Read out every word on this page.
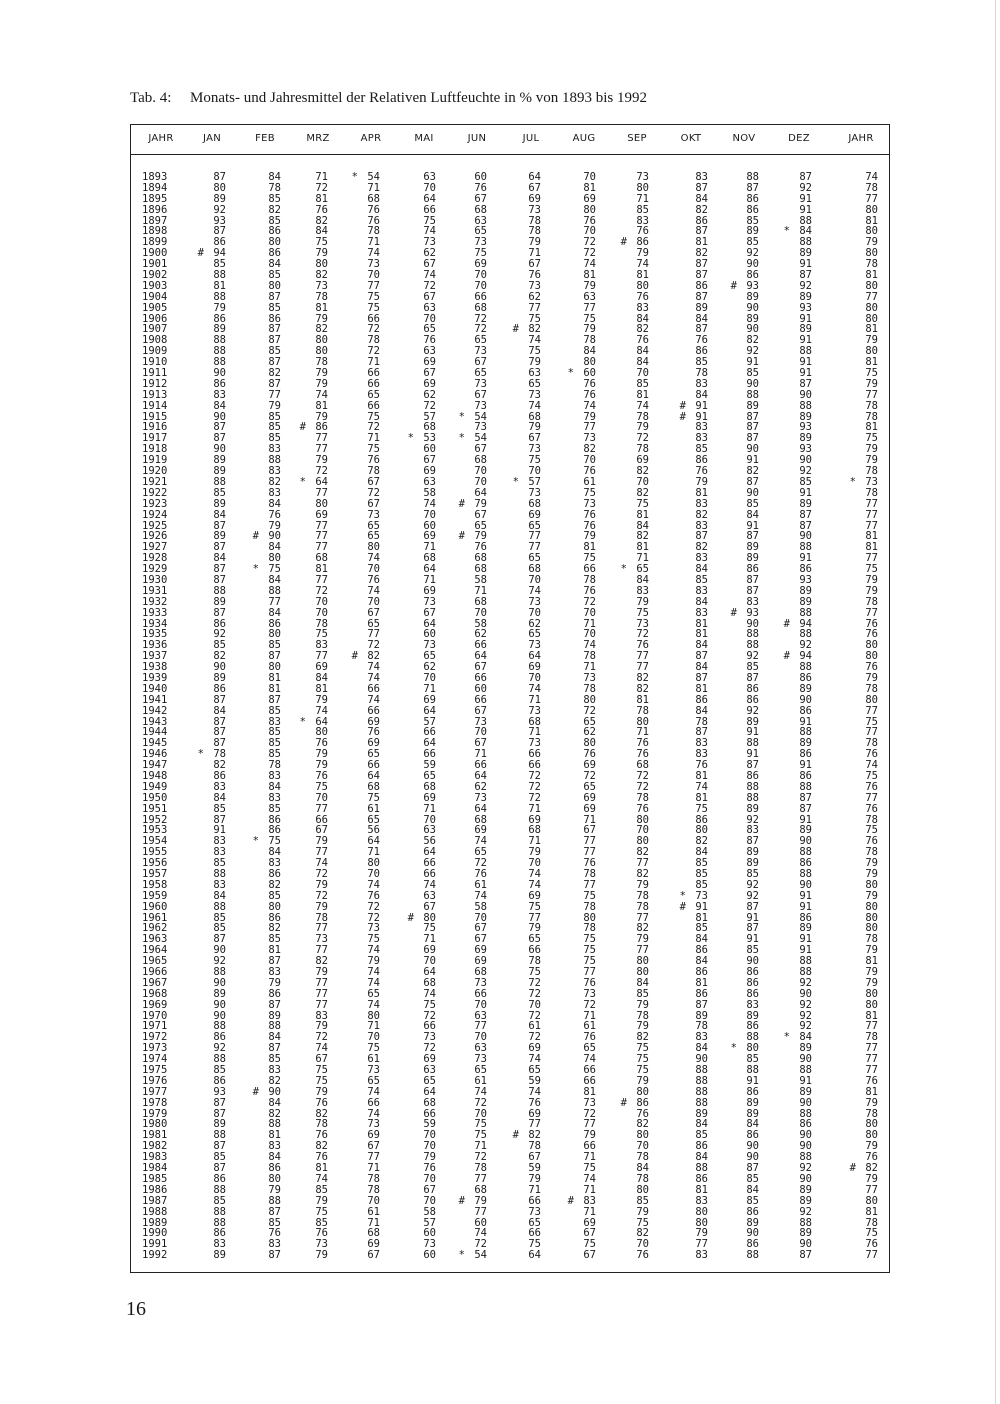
Tab. 4: Monats- und Jahresmittel der Relativen Luftfeuchte in % von 1893 bis 1992
JAHR	JAN	FEB	MRZ	APR	MAI	JUN	JUL	AUG	SEP	OKT	NOV	DEZ	JAHR
1893	87	84	71	* 54	63	60	64	70	73	83	88	87	74
1894	80	78	72	71	70	76	67	81	80	87	87	92	78
1895	89	85	81	68	64	67	69	69	71	84	86	91	77
1896	92	82	76	76	66	68	73	80	85	82	86	91	80
1897	93	85	82	76	75	63	78	76	83	86	85	88	81
1898	87	86	84	78	74	65	78	70	76	87	89	* 84	80
1899	86	80	75	71	73	73	79	72	# 86	81	85	88	79
1900	# 94	86	79	74	62	75	71	72	79	82	92	89	80
1901	85	84	80	73	67	69	67	74	74	87	90	91	78
1902	88	85	82	70	74	70	76	81	81	87	86	87	81
1903	81	80	73	77	72	70	73	79	80	86	# 93	92	80
1904	88	87	78	75	67	66	62	63	76	87	89	89	77
1905	79	85	81	75	63	68	77	77	83	89	90	93	80
1906	86	86	79	66	70	72	75	75	84	84	89	91	80
1907	89	87	82	72	65	72	# 82	79	82	87	90	89	81
1908	88	87	80	78	76	65	74	78	76	76	82	91	79
1909	88	85	80	72	63	73	75	84	84	86	92	88	80
1910	88	87	78	71	69	67	79	80	84	85	91	91	81
1911	90	82	79	66	67	65	63	* 60	70	78	85	91	75
1912	86	87	79	66	69	73	65	76	85	83	90	87	79
1913	83	77	74	65	62	67	73	76	81	84	88	90	77
1914	84	79	81	66	72	73	74	74	74	# 91	89	88	78
1915	90	85	79	75	57	* 54	68	79	78	# 91	87	89	78
1916	87	85	# 86	72	68	73	79	77	79	83	87	93	81
1917	87	85	77	71	* 53	* 54	67	73	72	83	87	89	75
1918	90	83	77	75	60	67	73	82	78	85	90	93	79
1919	89	88	79	76	67	68	75	70	69	86	91	90	79
1920	89	83	72	78	69	70	70	76	82	76	82	92	78
1921	88	82	* 64	67	63	70	* 57	61	70	79	87	85	* 73
1922	85	83	77	72	58	64	73	75	82	81	90	91	78
1923	89	84	80	67	74	# 79	68	73	75	83	85	89	77
1924	84	76	69	73	70	67	69	76	81	82	84	87	77
1925	87	79	77	65	60	65	65	76	84	83	91	87	77
1926	89	# 90	77	65	69	# 79	77	79	82	87	87	90	81
1927	87	84	77	80	71	76	77	81	81	82	89	88	81
1928	84	80	68	74	68	68	65	75	71	83	89	91	77
1929	87	* 75	81	70	64	68	68	66	* 65	84	86	86	75
1930	87	84	77	76	71	58	70	78	84	85	87	93	79
1931	88	88	72	74	69	71	74	76	83	83	87	89	79
1932	89	77	70	70	73	68	73	72	79	84	83	89	78
1933	87	84	70	67	67	70	70	70	75	83	# 93	88	77
1934	86	86	78	65	64	58	62	71	73	81	90	# 94	76
1935	92	80	75	77	60	62	65	70	72	81	88	88	76
1936	85	85	83	72	73	66	73	74	76	84	88	92	80
1937	82	87	77	# 82	65	64	64	78	77	87	92	# 94	80
1938	90	80	69	74	62	67	69	71	77	84	85	88	76
1939	89	81	84	74	70	66	70	73	82	87	87	86	79
1940	86	81	81	66	71	60	74	78	82	81	86	89	78
1941	87	87	79	74	69	66	71	80	81	86	86	90	80
1942	84	85	74	66	64	67	73	72	78	84	92	86	77
1943	87	83	* 64	69	57	73	68	65	80	78	89	91	75
1944	87	85	80	76	66	70	71	62	71	87	91	88	77
1945	87	85	76	69	64	67	73	80	76	83	88	89	78
1946	* 78	85	79	65	66	71	66	76	76	83	91	86	76
1947	82	78	79	66	59	66	66	69	68	76	87	91	74
1948	86	83	76	64	65	64	72	72	72	81	86	86	75
1949	83	84	75	68	68	62	72	65	72	74	88	88	76
1950	84	83	70	75	69	73	72	69	78	81	88	87	77
1951	85	85	77	61	71	64	71	69	76	75	89	87	76
1952	87	86	66	65	70	68	69	71	80	86	92	91	78
1953	91	86	67	56	63	69	68	67	70	80	83	89	75
1954	83	* 75	79	64	56	74	71	77	80	82	87	90	76
1955	83	84	77	71	64	65	79	77	82	84	89	88	78
1956	85	83	74	80	66	72	70	76	77	85	89	86	79
1957	88	86	72	70	66	76	74	78	82	85	85	88	79
1958	83	82	79	74	74	61	74	77	79	85	92	90	80
1959	84	85	72	76	63	74	69	75	78	* 73	92	91	79
1960	88	80	79	72	67	58	75	78	78	# 91	87	91	80
1961	85	86	78	72	# 80	70	77	80	77	81	91	86	80
1962	85	82	77	73	75	67	79	78	82	85	87	89	80
1963	87	85	73	75	71	67	65	75	79	84	91	91	78
1964	90	81	77	74	69	69	66	75	77	86	85	91	79
1965	92	87	82	79	70	69	78	75	80	84	90	88	81
1966	88	83	79	74	64	68	75	77	80	86	86	88	79
1967	90	79	77	74	68	73	72	76	84	81	86	92	79
1968	89	86	77	65	74	66	72	73	85	86	86	90	80
1969	90	87	77	74	75	70	70	72	79	87	83	92	80
1970	90	89	83	80	72	63	72	71	78	89	89	92	81
1971	88	88	79	71	66	77	61	61	79	78	86	92	77
1972	86	84	72	70	73	70	72	76	82	83	88	* 84	78
1973	92	87	74	75	72	63	69	65	75	84	* 80	89	77
1974	88	85	67	61	69	73	74	74	75	90	85	90	77
1975	85	83	75	73	63	65	65	66	75	88	88	88	77
1976	86	82	75	65	65	61	59	66	79	88	91	91	76
1977	93	# 90	79	74	64	74	74	81	80	88	86	89	81
1978	87	84	76	66	68	72	76	73	# 86	88	89	90	79
1979	87	82	82	74	66	70	69	72	76	89	89	88	78
1980	89	88	78	73	59	75	77	77	82	84	84	86	80
1981	88	81	76	69	70	75	# 82	79	80	85	86	90	80
1982	87	83	82	67	70	71	78	66	70	86	90	90	79
1983	85	84	76	77	79	72	67	71	78	84	90	88	76
1984	87	86	81	71	76	78	59	75	84	88	87	92	# 82
1985	86	80	74	78	70	77	79	74	78	86	85	90	79
1986	88	79	85	78	67	68	71	71	80	81	84	89	77
1987	85	88	79	70	70	# 79	66	# 83	85	83	85	89	80
1988	88	87	75	61	58	77	73	71	79	80	86	92	81
1989	88	85	85	71	57	60	65	69	75	80	89	88	78
1990	86	76	76	68	60	74	66	67	82	79	90	89	75
1991	83	83	73	69	73	72	75	75	70	77	86	90	76
1992	89	87	79	67	60	* 54	64	67	76	83	88	87	77
16
